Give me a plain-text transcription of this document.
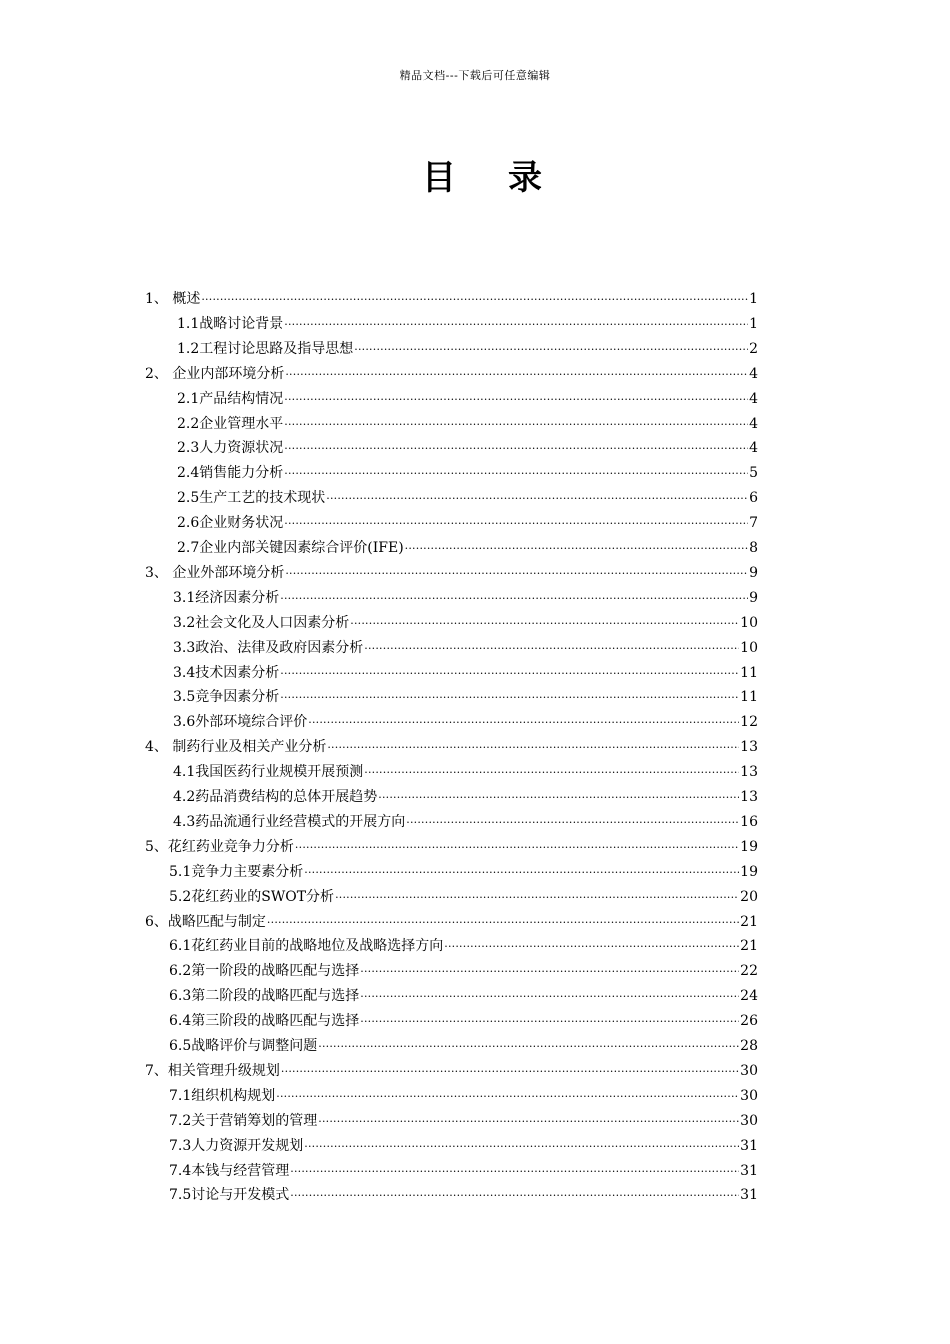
精品文档---下载后可任意编辑
目 录
1、 概述 ·····	1
1.1战略讨论背景 ·····	1
1.2工程讨论思路及指导思想 ·····	2
2、 企业内部环境分析 ·····	4
2.1产品结构情况 ·····	4
2.2企业管理水平 ·····	4
2.3人力资源状况 ·····	4
2.4销售能力分析 ·····	5
2.5生产工艺的技术现状 ·····	6
2.6企业财务状况 ·····	7
2.7企业内部关键因素综合评价(IFE) ·····	8
3、 企业外部环境分析 ·····	9
3.1经济因素分析 ·····	9
3.2社会文化及人口因素分析 ·····	10
3.3政治、法律及政府因素分析 ·····	10
3.4技术因素分析 ·····	11
3.5竞争因素分析 ·····	11
3.6外部环境综合评价 ·····	12
4、 制药行业及相关产业分析 ·····	13
4.1我国医药行业规模开展预测 ·····	13
4.2药品消费结构的总体开展趋势 ·····	13
4.3药品流通行业经营模式的开展方向 ·····	16
5、花红药业竞争力分析 ·····	19
5.1竞争力主要素分析 ·····	19
5.2花红药业的SWOT分析 ·····	20
6、战略匹配与制定 ·····	21
6.1花红药业目前的战略地位及战略选择方向 ·····	21
6.2第一阶段的战略匹配与选择 ·····	22
6.3第二阶段的战略匹配与选择 ·····	24
6.4第三阶段的战略匹配与选择 ·····	26
6.5战略评价与调整问题 ·····	28
7、相关管理升级规划 ·····	30
7.1组织机构规划 ·····	30
7.2关于营销筹划的管理 ·····	30
7.3人力资源开发规划 ·····	31
7.4本钱与经营管理 ·····	31
7.5讨论与开发模式 ·····	31
